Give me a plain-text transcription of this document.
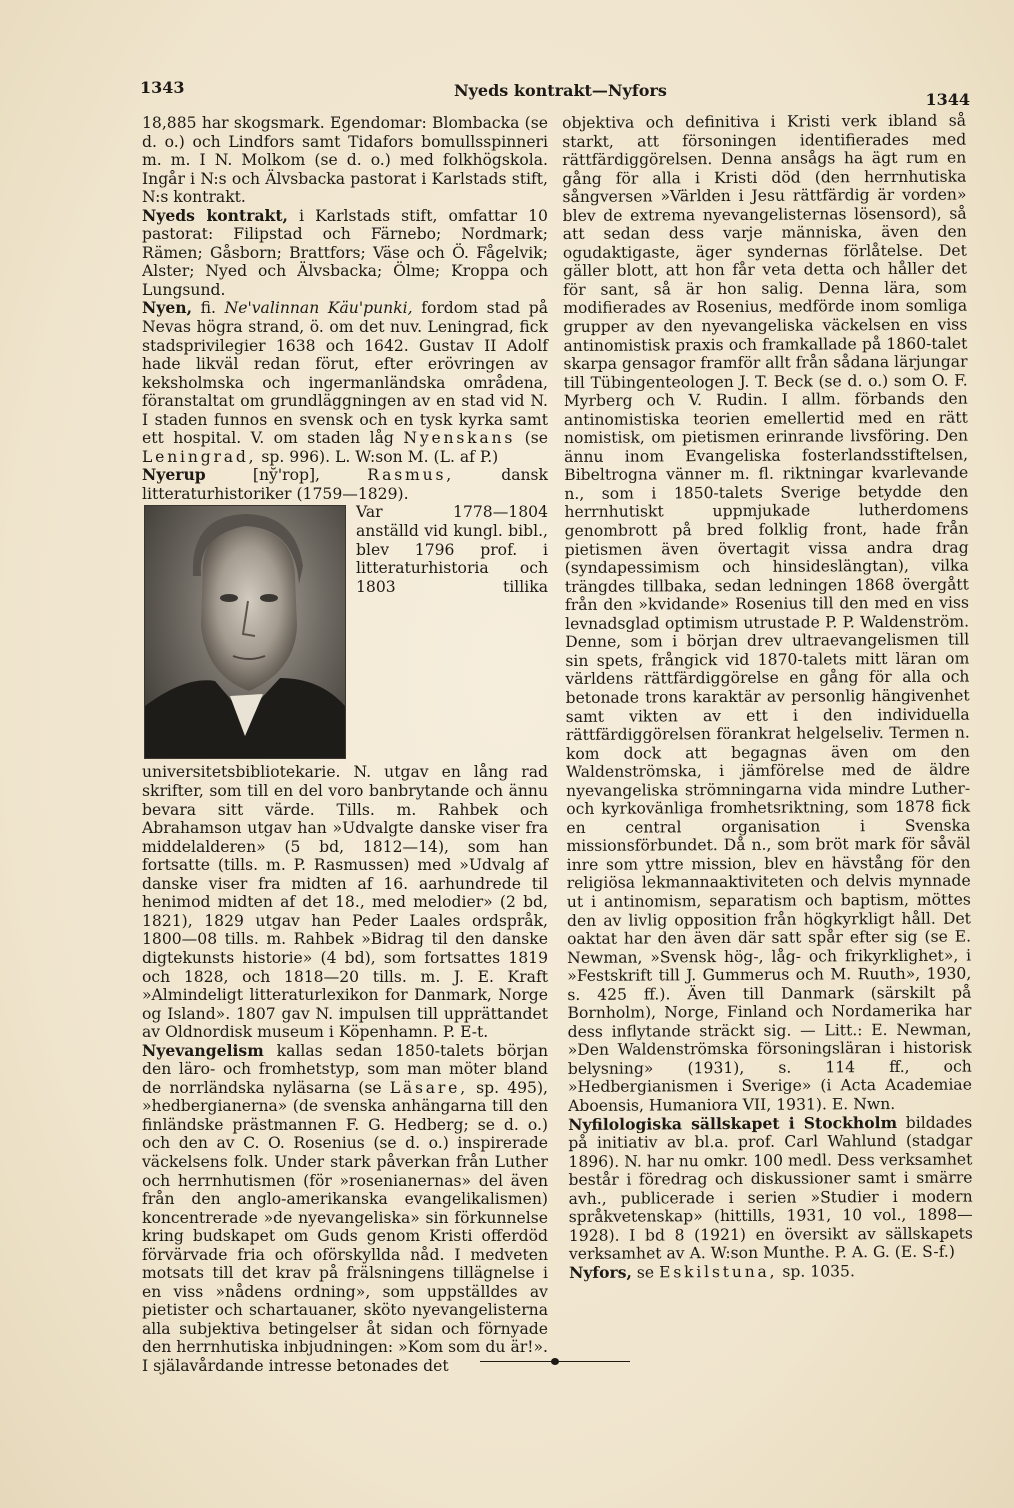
1343	Nyeds kontrakt—Nyfors	1344

18,885 har skogsmark. Egendomar: Blombacka (se d. o.) och Lindfors samt Tidafors bomullsspinneri m. m. I N. Molkom (se d. o.) med folkhögskola. Ingår i N:s och Älvsbacka pastorat i Karlstads stift, N:s kontrakt.

Nyeds kontrakt, i Karlstads stift, omfattar 10 pastorat: Filipstad och Färnebo; Nordmark; Rämen; Gåsborn; Brattfors; Väse och Ö. Fågelvik; Alster; Nyed och Älvsbacka; Ölme; Kroppa och Lungsund.

Nyen, fi. Ne'valinnan Käu'punki, fordom stad på Nevas högra strand, ö. om det nuv. Leningrad, fick stadsprivilegier 1638 och 1642. Gustav II Adolf hade likväl redan förut, efter erövringen av keksholmska och ingermanländska områdena, föranstaltat om grundläggningen av en stad vid N. I staden funnos en svensk och en tysk kyrka samt ett hospital. V. om staden låg Nyenskans (se Leningrad, sp. 996). L. W:son M. (L. af P.)

Nyerup [ny̆'rop], Rasmus, dansk litteraturhistoriker (1759—1829).

Var 1778—1804 anställd vid kungl. bibl., blev 1796 prof. i litteraturhistoria och 1803 tillika universitetsbibliotekarie. N. utgav en lång rad skrifter, som till en del voro banbrytande och ännu bevara sitt värde. Tills. m. Rahbek och Abrahamson utgav han »Udvalgte danske viser fra middelalderen» (5 bd, 1812—14), som han fortsatte (tills. m. P. Rasmussen) med »Udvalg af danske viser fra midten af 16. aarhundrede til henimod midten af det 18., med melodier» (2 bd, 1821), 1829 utgav han Peder Laales ordspråk, 1800—08 tills. m. Rahbek »Bidrag til den danske digtekunsts historie» (4 bd), som fortsattes 1819 och 1828, och 1818—20 tills. m. J. E. Kraft »Almindeligt litteraturlexikon for Danmark, Norge og Island». 1807 gav N. impulsen till upprättandet av Oldnordisk museum i Köpenhamn. P. E-t.

Nyevangelism kallas sedan 1850-talets början den läro- och fromhetstyp, som man möter bland de norrländska nyläsarna (se Läsare, sp. 495), »hedbergianerna» (de svenska anhängarna till den finländske prästmannen F. G. Hedberg; se d. o.) och den av C. O. Rosenius (se d. o.) inspirerade väckelsens folk. Under stark påverkan från Luther och herrnhutismen (för »rosenianernas» del även från den anglo-amerikanska evangelikalismen) koncentrerade »de nyevangeliska» sin förkunnelse kring budskapet om Guds genom Kristi offerdöd förvärvade fria och oförskyllda nåd. I medveten motsats till det krav på frälsningens tillägnelse i en viss »nådens ordning», som uppställdes av pietister och schartauaner, sköto nyevangelisterna alla subjektiva betingelser åt sidan och förnyade den herrnhutiska inbjudningen: »Kom som du är!». I själavårdande intresse betonades det

objektiva och definitiva i Kristi verk ibland så starkt, att försoningen identifierades med rättfärdiggörelsen. Denna ansågs ha ägt rum en gång för alla i Kristi död (den herrnhutiska sångversen »Världen i Jesu rättfärdig är vorden» blev de extrema nyevangelisternas lösensord), så att sedan dess varje människa, även den ogudaktigaste, äger syndernas förlåtelse. Det gäller blott, att hon får veta detta och håller det för sant, så är hon salig. Denna lära, som modifierades av Rosenius, medförde inom somliga grupper av den nyevangeliska väckelsen en viss antinomistisk praxis och framkallade på 1860-talet skarpa gensagor framför allt från sådana lärjungar till Tübingenteologen J. T. Beck (se d. o.) som O. F. Myrberg och V. Rudin. I allm. förbands den antinomistiska teorien emellertid med en rätt nomistisk, om pietismen erinrande livsföring. Den ännu inom Evangeliska fosterlandsstiftelsen, Bibeltrogna vänner m. fl. riktningar kvarlevande n., som i 1850-talets Sverige betydde den herrnhutiskt uppmjukade lutherdomens genombrott på bred folklig front, hade från pietismen även övertagit vissa andra drag (syndapessimism och hinsideslängtan), vilka trängdes tillbaka, sedan ledningen 1868 övergått från den »kvidande» Rosenius till den med en viss levnadsglad optimism utrustade P. P. Waldenström. Denne, som i början drev ultraevangelismen till sin spets, frångick vid 1870-talets mitt läran om världens rättfärdiggörelse en gång för alla och betonade trons karaktär av personlig hängivenhet samt vikten av ett i den individuella rättfärdiggörelsen förankrat helgelseliv. Termen n. kom dock att begagnas även om den Waldenströmska, i jämförelse med de äldre nyevangeliska strömningarna vida mindre Luther- och kyrkovänliga fromhetsriktning, som 1878 fick en central organisation i Svenska missionsförbundet. Då n., som bröt mark för såväl inre som yttre mission, blev en hävstång för den religiösa lekmannaaktiviteten och delvis mynnade ut i antinomism, separatism och baptism, möttes den av livlig opposition från högkyrkligt håll. Det oaktat har den även där satt spår efter sig (se E. Newman, »Svensk hög-, låg- och frikyrklighet», i »Festskrift till J. Gummerus och M. Ruuth», 1930, s. 425 ff.). Även till Danmark (särskilt på Bornholm), Norge, Finland och Nordamerika har dess inflytande sträckt sig. — Litt.: E. Newman, »Den Waldenströmska försoningsläran i historisk belysning» (1931), s. 114 ff., och »Hedbergianismen i Sverige» (i Acta Academiae Aboensis, Humaniora VII, 1931). E. Nwn.

Nyfilologiska sällskapet i Stockholm bildades på initiativ av bl.a. prof. Carl Wahlund (stadgar 1896). N. har nu omkr. 100 medl. Dess verksamhet består i föredrag och diskussioner samt i smärre avh., publicerade i serien »Studier i modern språkvetenskap» (hittills, 1931, 10 vol., 1898—1928). I bd 8 (1921) en översikt av sällskapets verksamhet av A. W:son Munthe. P. A. G. (E. S-f.)

Nyfors, se Eskilstuna, sp. 1035.
